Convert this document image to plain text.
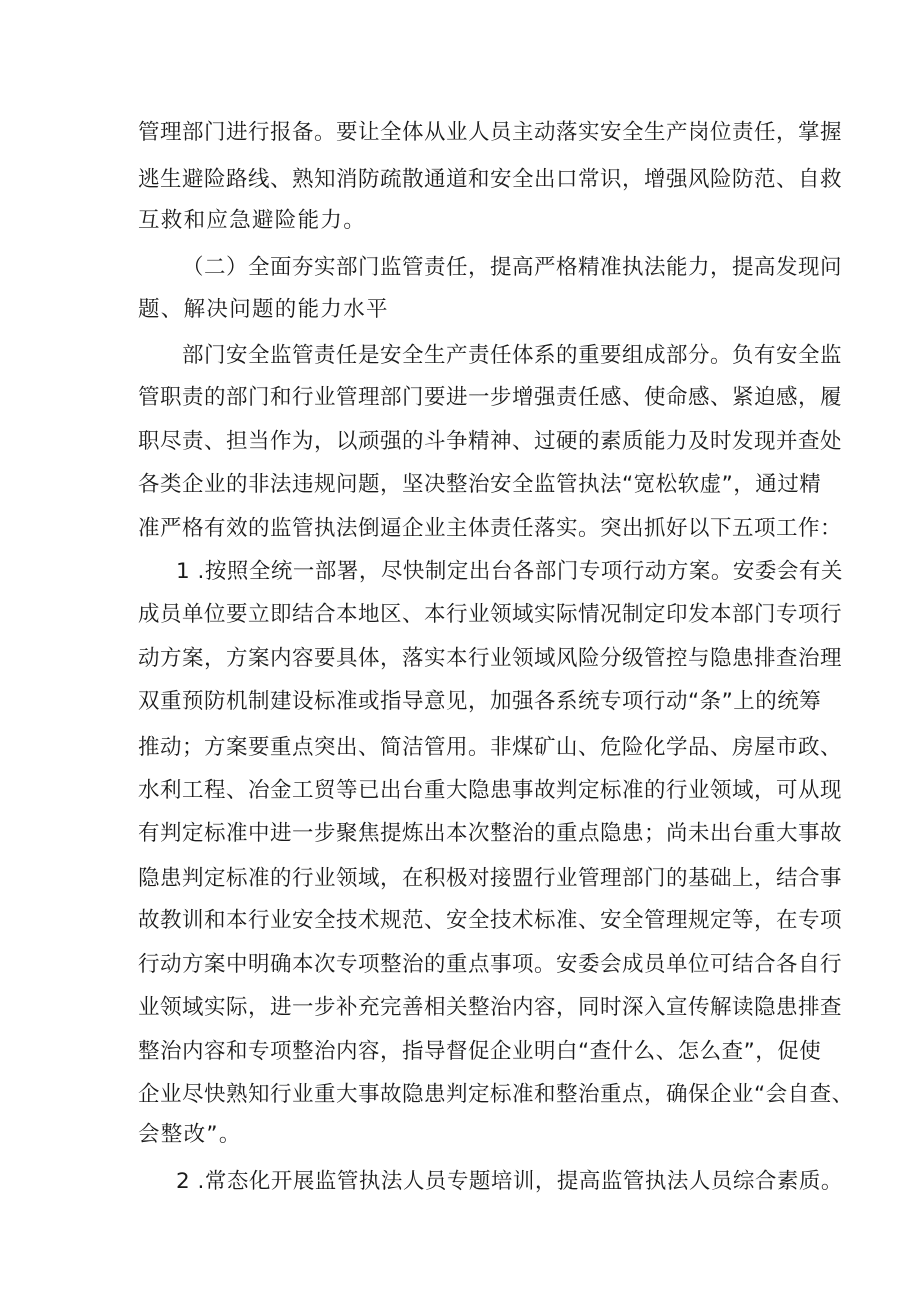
管理部门进行报备。要让全体从业人员主动落实安全生产岗位责任，掌握
逃生避险路线、熟知消防疏散通道和安全出口常识，增强风险防范、自救
互救和应急避险能力。
（二）全面夯实部门监管责任，提高严格精准执法能力，提高发现问
题、解决问题的能力水平
部门安全监管责任是安全生产责任体系的重要组成部分。负有安全监
管职责的部门和行业管理部门要进一步增强责任感、使命感、紧迫感，履
职尽责、担当作为，以顽强的斗争精神、过硬的素质能力及时发现并查处
各类企业的非法违规问题，坚决整治安全监管执法“宽松软虚”，通过精
准严格有效的监管执法倒逼企业主体责任落实。突出抓好以下五项工作：
1 .按照全统一部署，尽快制定出台各部门专项行动方案。安委会有关
成员单位要立即结合本地区、本行业领域实际情况制定印发本部门专项行
动方案，方案内容要具体，落实本行业领域风险分级管控与隐患排查治理
双重预防机制建设标准或指导意见，加强各系统专项行动“条”上的统筹
推动；方案要重点突出、简洁管用。非煤矿山、危险化学品、房屋市政、
水利工程、冶金工贸等已出台重大隐患事故判定标准的行业领域，可从现
有判定标准中进一步聚焦提炼出本次整治的重点隐患；尚未出台重大事故
隐患判定标准的行业领域，在积极对接盟行业管理部门的基础上，结合事
故教训和本行业安全技术规范、安全技术标准、安全管理规定等，在专项
行动方案中明确本次专项整治的重点事项。安委会成员单位可结合各自行
业领域实际，进一步补充完善相关整治内容，同时深入宣传解读隐患排查
整治内容和专项整治内容，指导督促企业明白“查什么、怎么查”，促使
企业尽快熟知行业重大事故隐患判定标准和整治重点，确保企业“会自查、
会整改”。
2 .常态化开展监管执法人员专题培训，提高监管执法人员综合素质。
